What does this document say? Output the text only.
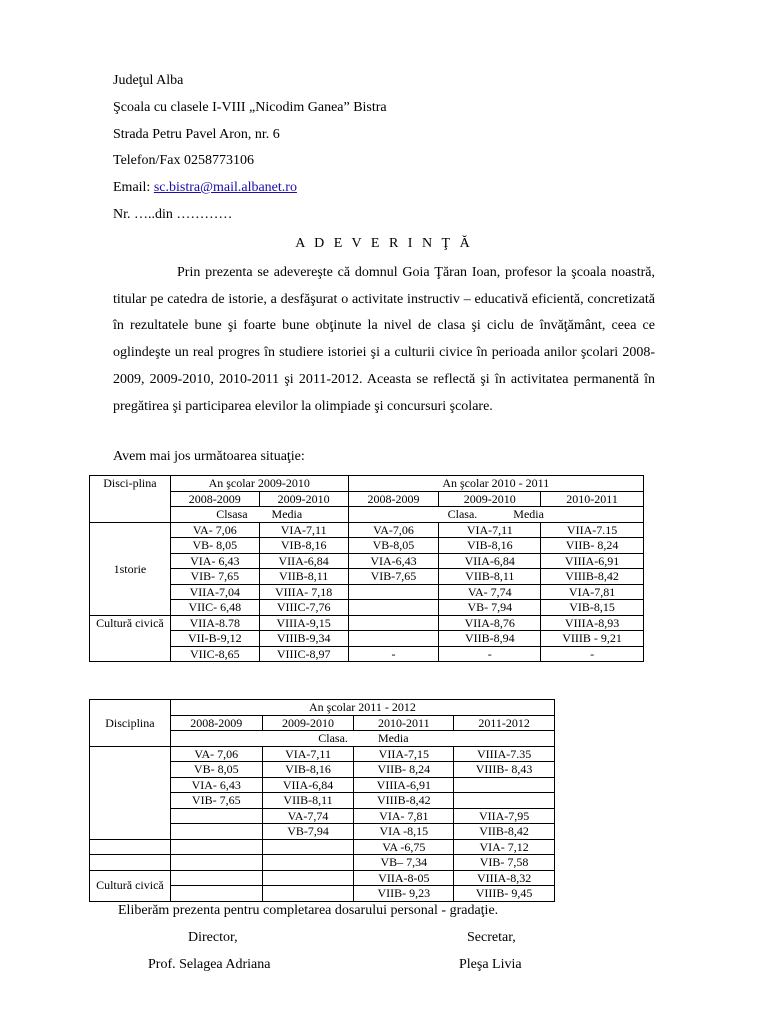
Judeţul Alba
Şcoala cu clasele I-VIII „Nicodim Ganea” Bistra
Strada Petru Pavel Aron, nr. 6
Telefon/Fax 0258773106
Email: sc.bistra@mail.albanet.ro
Nr. …..din …………
A D E V E R I N Ţ Ă
Prin prezenta se adevereşte că domnul Goia Ţăran Ioan, profesor la şcoala noastră, titular pe catedra de istorie, a desfăşurat o activitate instructiv – educativă eficientă, concretizată în rezultatele bune şi foarte bune obţinute la nivel de clasa şi ciclu de învăţământ, ceea ce oglindeşte un real progres în studiere istoriei şi a culturii civice în perioada anilor şcolari 2008-2009, 2009-2010, 2010-2011 şi 2011-2012. Aceasta se reflectă şi în activitatea permanentă în pregătirea şi participarea elevilor la olimpiade şi concursuri şcolare.
Avem mai jos următoarea situaţie:
Disci-plina	An şcolar 2009-2010		An şcolar 2010 - 2011		
	2008-2009	2009-2010	2008-2009	2009-2010	2010-2011
	Clsasa        Media		Clasa.            Media		
1storie	VA- 7,06	VIA-7,11	VA-7,06	VIA-7,11	VIIA-7.15
	VB- 8,05	VIB-8,16	VB-8,05	VIB-8,16	VIIB- 8,24
	VIA- 6,43	VIIA-6,84	VIA-6,43	VIIA-6,84	VIIIA-6,91
	VIB- 7,65	VIIB-8,11	VIB-7,65	VIIB-8,11	VIIIB-8,42
	VIIA-7,04	VIIIA- 7,18		VA- 7,74	VIA-7,81
	VIIC- 6,48	VIIIC-7,76		VB- 7,94	VIB-8,15
Cultură civică	VIIA-8.78	VIIIA-9,15		VIIA-8,76	VIIIA-8,93
	VII-B-9,12	VIIIB-9,34		VIIB-8,94	VIIIB - 9,21
	VIIC-8,65	VIIIC-8,97	-	-	-
Disciplina	An şcolar 2011 - 2012			
	2008-2009	2009-2010	2010-2011	2011-2012
	Clasa.		Media	
	VA- 7,06	VIA-7,11	VIIA-7,15	VIIIA-7.35
	VB- 8,05	VIB-8,16	VIIB- 8,24	VIIIB- 8,43
	VIA- 6,43	VIIA-6,84	VIIIA-6,91	
	VIB- 7,65	VIIB-8,11	VIIIB-8,42	
		VA-7,74	VIA- 7,81	VIIA-7,95
		VB-7,94	VIA -8,15	VIIB-8,42
			VA -6,75	VIA- 7,12
			VB– 7,34	VIB- 7,58
Cultură civică			VIIA-8-05	VIIIA-8,32
			VIIB- 9,23	VIIIB- 9,45
Eliberăm prezenta pentru completarea dosarului personal - gradaţie.
Director,	Secretar,
Prof. Selagea Adriana	Pleşa Livia
